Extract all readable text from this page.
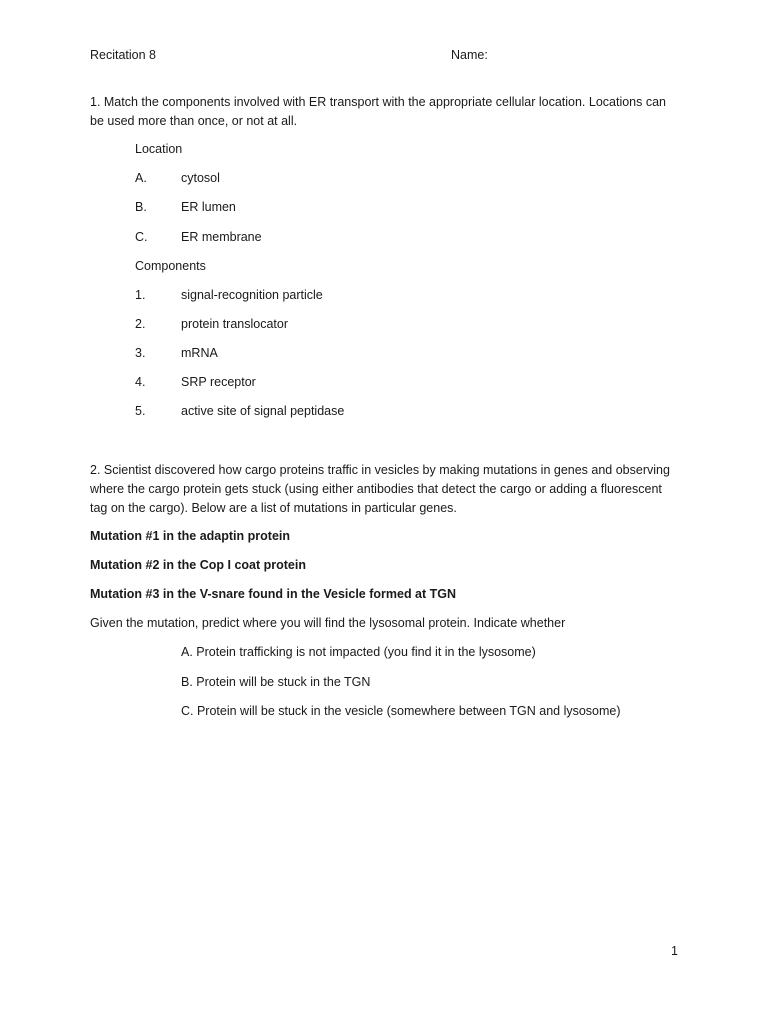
Recitation 8	Name:
1. Match the components involved with ER transport with the appropriate cellular location. Locations can be used more than once, or not at all.
Location
A.	cytosol
B.	ER lumen
C.	ER membrane
Components
1.	signal-recognition particle
2.	protein translocator
3.	mRNA
4.	SRP receptor
5.	active site of signal peptidase
2. Scientist discovered how cargo proteins traffic in vesicles by making mutations in genes and observing where the cargo protein gets stuck (using either antibodies that detect the cargo or adding a fluorescent tag on the cargo). Below are a list of mutations in particular genes.
Mutation #1 in the adaptin protein
Mutation #2 in the Cop I coat protein
Mutation #3 in the V-snare found in the Vesicle formed at TGN
Given the mutation, predict where you will find the lysosomal protein. Indicate whether
A. Protein trafficking is not impacted (you find it in the lysosome)
B. Protein will be stuck in the TGN
C. Protein will be stuck in the vesicle (somewhere between TGN and lysosome)
1
